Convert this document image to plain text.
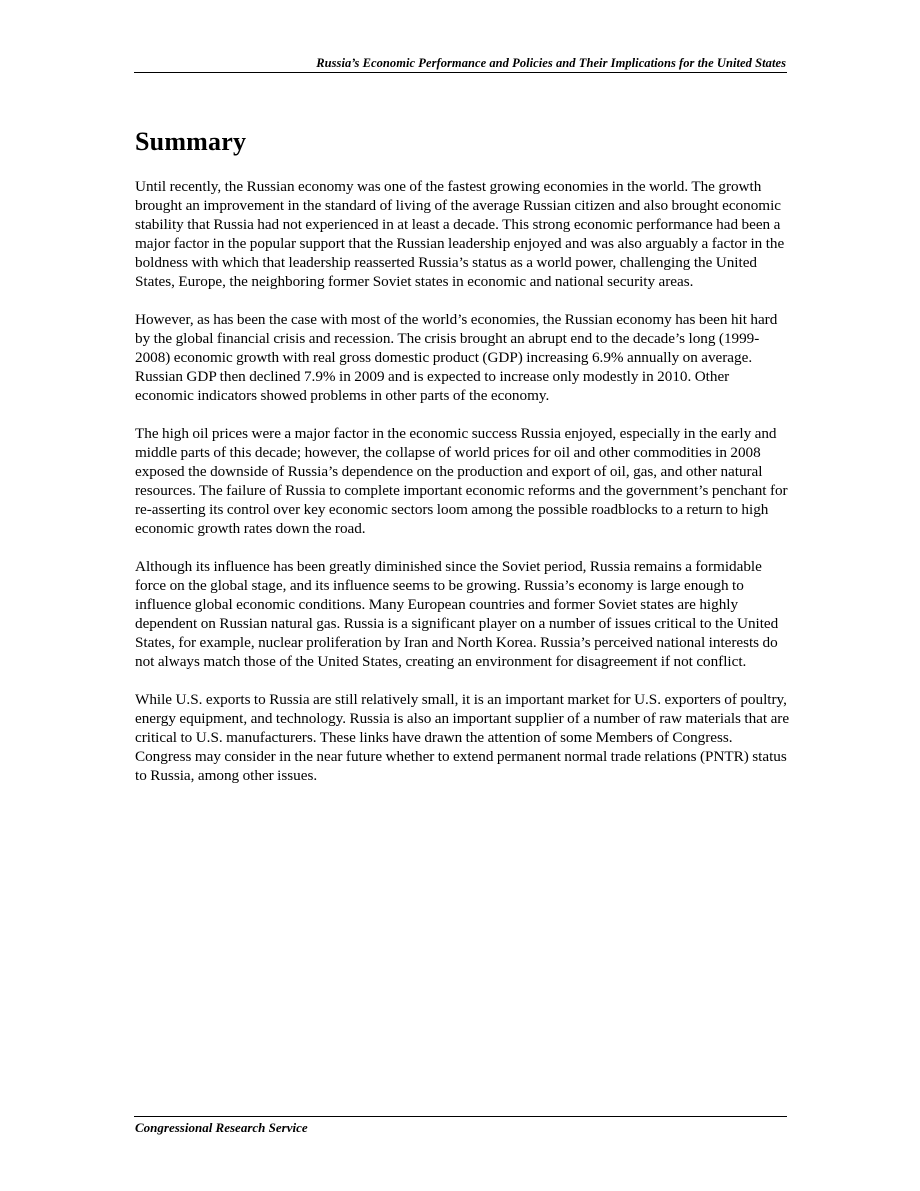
Russia’s Economic Performance and Policies and Their Implications for the United States
Summary

Until recently, the Russian economy was one of the fastest growing economies in the world. The growth brought an improvement in the standard of living of the average Russian citizen and also brought economic stability that Russia had not experienced in at least a decade. This strong economic performance had been a major factor in the popular support that the Russian leadership enjoyed and was also arguably a factor in the boldness with which that leadership reasserted Russia’s status as a world power, challenging the United States, Europe, the neighboring former Soviet states in economic and national security areas.

However, as has been the case with most of the world’s economies, the Russian economy has been hit hard by the global financial crisis and recession. The crisis brought an abrupt end to the decade’s long (1999-2008) economic growth with real gross domestic product (GDP) increasing 6.9% annually on average. Russian GDP then declined 7.9% in 2009 and is expected to increase only modestly in 2010. Other economic indicators showed problems in other parts of the economy.

The high oil prices were a major factor in the economic success Russia enjoyed, especially in the early and middle parts of this decade; however, the collapse of world prices for oil and other commodities in 2008 exposed the downside of Russia’s dependence on the production and export of oil, gas, and other natural resources. The failure of Russia to complete important economic reforms and the government’s penchant for re-asserting its control over key economic sectors loom among the possible roadblocks to a return to high economic growth rates down the road.

Although its influence has been greatly diminished since the Soviet period, Russia remains a formidable force on the global stage, and its influence seems to be growing. Russia’s economy is large enough to influence global economic conditions. Many European countries and former Soviet states are highly dependent on Russian natural gas. Russia is a significant player on a number of issues critical to the United States, for example, nuclear proliferation by Iran and North Korea. Russia’s perceived national interests do not always match those of the United States, creating an environment for disagreement if not conflict.

While U.S. exports to Russia are still relatively small, it is an important market for U.S. exporters of poultry, energy equipment, and technology. Russia is also an important supplier of a number of raw materials that are critical to U.S. manufacturers. These links have drawn the attention of some Members of Congress. Congress may consider in the near future whether to extend permanent normal trade relations (PNTR) status to Russia, among other issues.

Congressional Research Service
